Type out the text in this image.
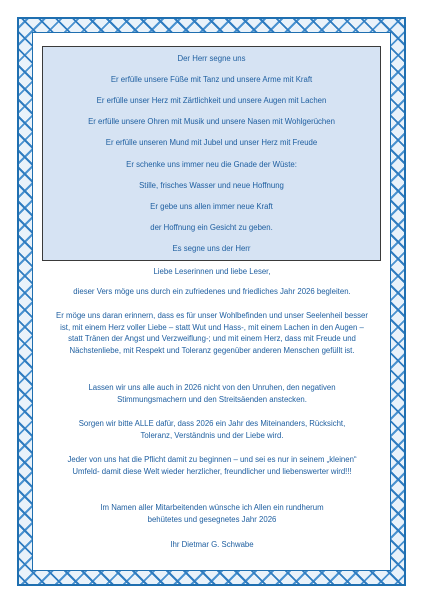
Der Herr segne uns
Er erfülle unsere Füße mit Tanz und unsere Arme mit Kraft
Er erfülle unser Herz mit Zärtlichkeit und unsere Augen mit Lachen
Er erfülle unsere Ohren mit Musik und unsere Nasen mit Wohlgerüchen
Er erfülle unseren Mund mit Jubel und unser Herz mit Freude
Er schenke uns immer neu die Gnade der Wüste:
Stille, frisches Wasser und neue Hoffnung
Er gebe uns allen immer neue Kraft
der Hoffnung ein Gesicht zu geben.
Es segne uns der Herr
Liebe Leserinnen und liebe Leser,
dieser Vers möge uns durch ein zufriedenes und friedliches Jahr 2026 begleiten.
Er möge uns daran erinnern, dass es für unser Wohlbefinden und unser Seelenheil besser ist, mit einem Herz voller Liebe – statt Wut und Hass-, mit einem Lachen in den Augen – statt Tränen der Angst und Verzweiflung-; und mit einem Herz, dass mit Freude und Nächstenliebe, mit Respekt und Toleranz gegenüber anderen Menschen gefüllt ist.
Lassen wir uns alle auch in 2026 nicht von den Unruhen, den negativen Stimmungsmachern und den Streitsäenden anstecken.
Sorgen wir bitte ALLE dafür, dass 2026 ein Jahr des Miteinanders, Rücksicht, Toleranz, Verständnis und der Liebe wird.
Jeder von uns hat die Pflicht damit zu beginnen – und sei es nur in seinem „kleinen“ Umfeld- damit diese Welt wieder herzlicher, freundlicher und liebenswerter wird!!!
Im Namen aller Mitarbeitenden wünsche ich Allen ein rundherum behütetes und gesegnetes Jahr 2026
Ihr Dietmar G. Schwabe
